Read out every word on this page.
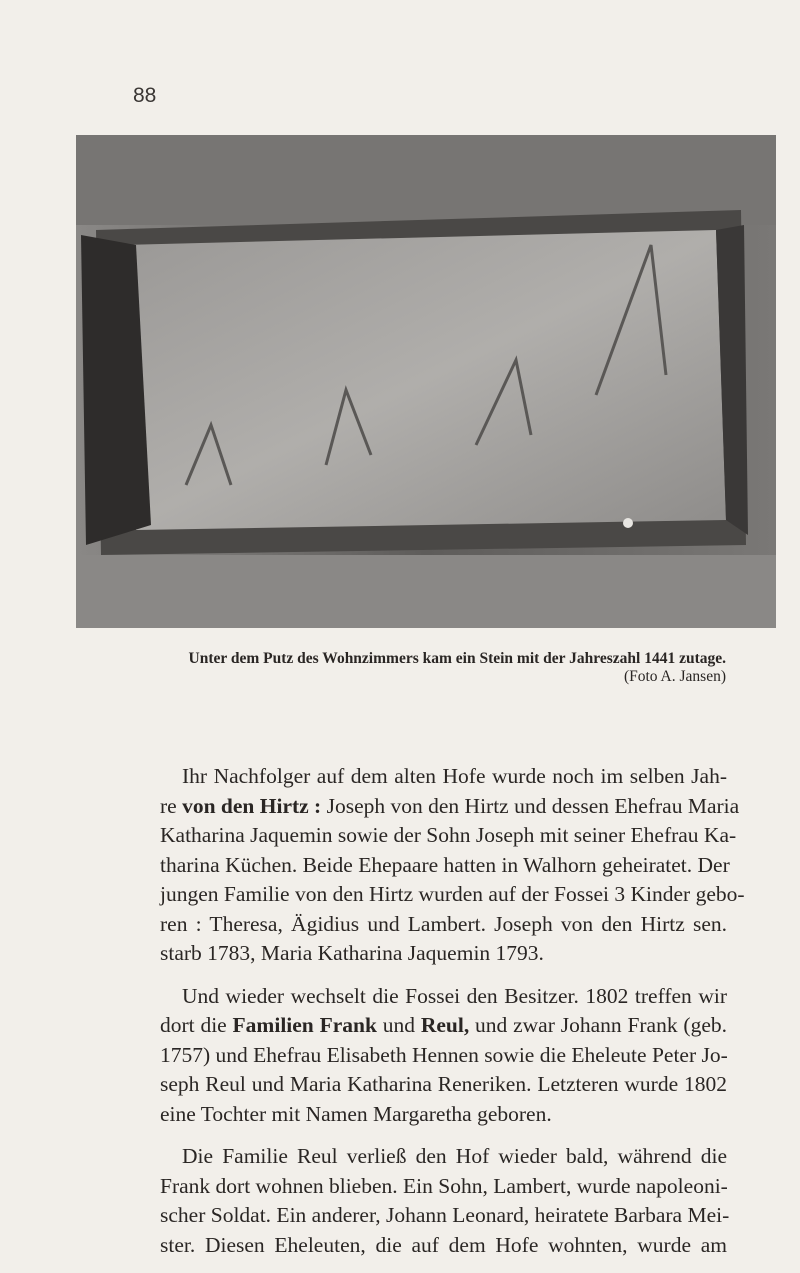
88
Unter dem Putz des Wohnzimmers kam ein Stein mit der Jahreszahl 1441 zutage.
(Foto A. Jansen)
Ihr Nachfolger auf dem alten Hofe wurde noch im selben Jah-
re von den Hirtz : Joseph von den Hirtz und dessen Ehefrau Maria
Katharina Jaquemin sowie der Sohn Joseph mit seiner Ehefrau Ka-
tharina Küchen. Beide Ehepaare hatten in Walhorn geheiratet. Der
jungen Familie von den Hirtz wurden auf der Fossei 3 Kinder gebo-
ren : Theresa, Ägidius und Lambert. Joseph von den Hirtz sen.
starb 1783, Maria Katharina Jaquemin 1793.
Und wieder wechselt die Fossei den Besitzer. 1802 treffen wir
dort die Familien Frank und Reul, und zwar Johann Frank (geb.
1757) und Ehefrau Elisabeth Hennen sowie die Eheleute Peter Jo-
seph Reul und Maria Katharina Reneriken. Letzteren wurde 1802
eine Tochter mit Namen Margaretha geboren.
Die Familie Reul verließ den Hof wieder bald, während die
Frank dort wohnen blieben. Ein Sohn, Lambert, wurde napoleoni-
scher Soldat. Ein anderer, Johann Leonard, heiratete Barbara Mei-
ster. Diesen Eheleuten, die auf dem Hofe wohnten, wurde am
